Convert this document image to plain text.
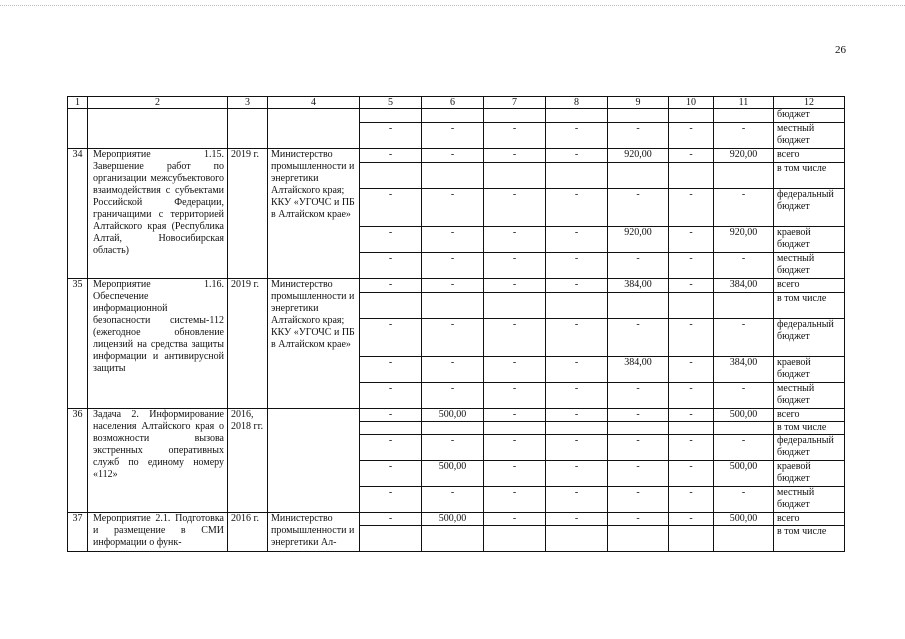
26
1	2	3	4	5	6	7	8	9	10	11	12
											бюджет
				-	-	-	-	-	-	-	местный бюджет
34	Мероприятие 1.15. Завершение работ по организации межсубъектового взаимодействия с субъектами Российской Федерации, граничащими с территорией Алтайского края (Республика Алтай, Новосибирская область)	2019 г.	Министерство промышленности и энергетики Алтайского края; ККУ «УГОЧС и ПБ в Алтайском крае»	-	-	-	-	920,00	-	920,00	всего
											в том числе
				-	-	-	-	-	-	-	федеральный бюджет
				-	-	-	-	920,00	-	920,00	краевой бюджет
				-	-	-	-	-	-	-	местный бюджет
35	Мероприятие 1.16. Обеспечение информационной безопасности системы-112 (ежегодное обновление лицензий на средства защиты информации и антивирусной защиты	2019 г.	Министерство промышленности и энергетики Алтайского края; ККУ «УГОЧС и ПБ в Алтайском крае»	-	-	-	-	384,00	-	384,00	всего
											в том числе
				-	-	-	-	-	-	-	федеральный бюджет
				-	-	-	-	384,00	-	384,00	краевой бюджет
				-	-	-	-	-	-	-	местный бюджет
36	Задача 2. Информирование населения Алтайского края о возможности вызова экстренных оперативных служб по единому номеру «112»	2016, 2018 гг.		-	500,00	-	-	-	-	500,00	всего
											в том числе
				-	-	-	-	-	-	-	федеральный бюджет
				-	500,00	-	-	-	-	500,00	краевой бюджет
				-	-	-	-	-	-	-	местный бюджет
37	Мероприятие 2.1. Подготовка и размещение в СМИ информации о функ-	2016 г.	Министерство промышленности и энергетики Ал-	-	500,00	-	-	-	-	500,00	всего
											в том числе
